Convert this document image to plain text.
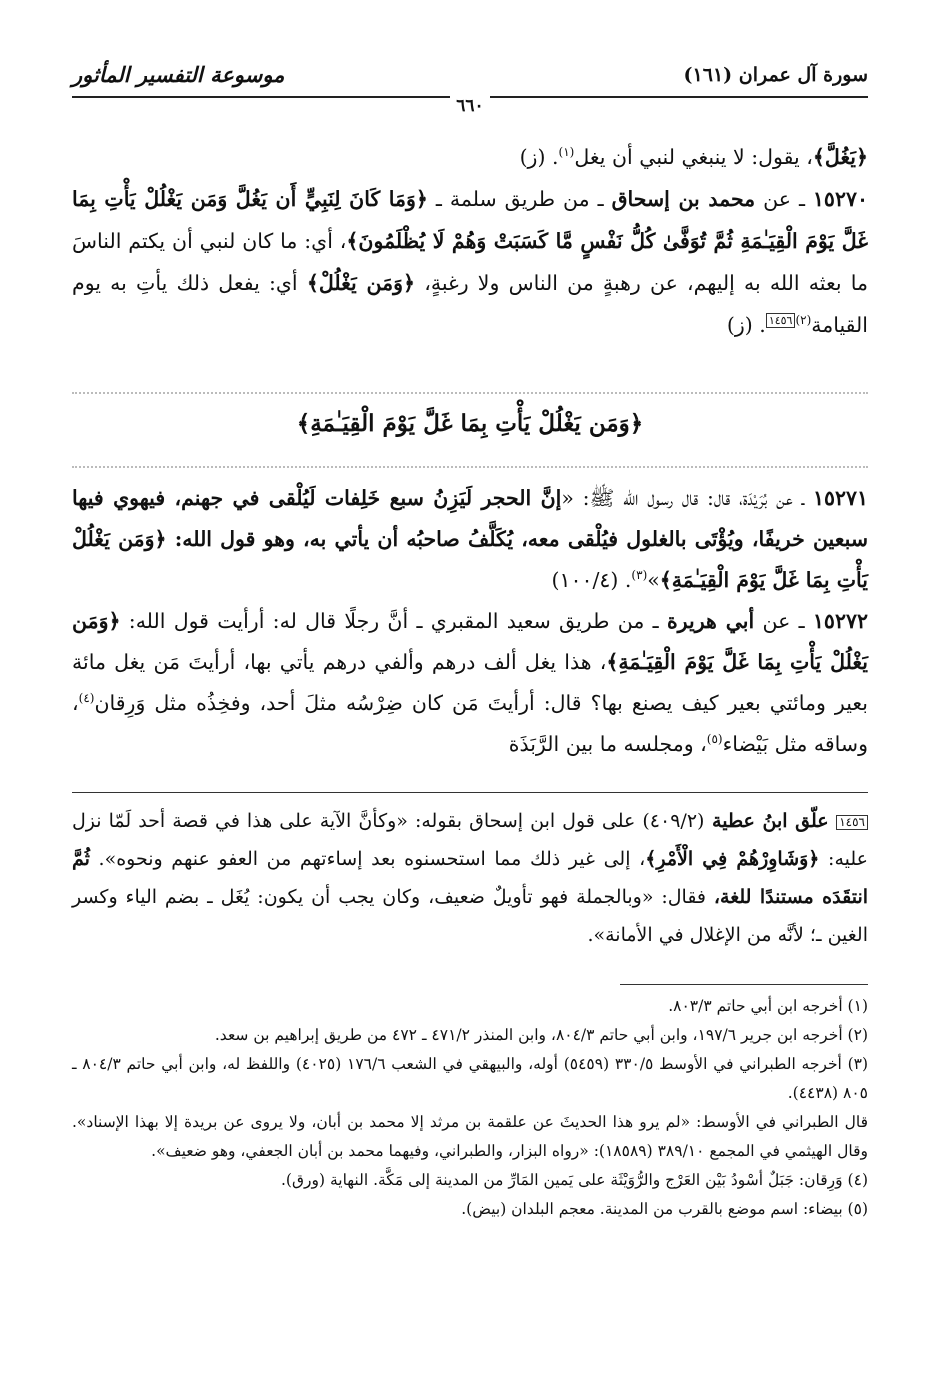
موسوعة التفسير المأثور	سورة آل عمران (١٦١)
٦٦٠

﴿يَغُلَّ﴾، يقول: لا ينبغي لنبي أن يغل$^{(١)}$. (ز)

١٥٢٧٠ ـ عن محمد بن إسحاق ـ من طريق سلمة ـ ﴿وَمَا كَانَ لِنَبِيٍّ أَن يَغُلَّ وَمَن يَغْلُلْ يَأْتِ بِمَا غَلَّ يَوْمَ الْقِيَـٰمَةِ ثُمَّ تُوَفَّىٰ كُلُّ نَفْسٍ مَّا كَسَبَتْ وَهُمْ لَا يُظْلَمُونَ﴾، أي: ما كان لنبي أن يكتم الناسَ ما بعثه الله به إليهم، عن رهبةٍ من الناس ولا رغبةٍ، ﴿وَمَن يَغْلُلْ﴾ أي: يفعل ذلك يأتِ به يوم القيامة$^{(٢)}$١٤٥٦. (ز)

﴿وَمَن يَغْلُلْ يَأْتِ بِمَا غَلَّ يَوْمَ الْقِيَـٰمَةِ﴾

١٥٢٧١ ـ عن بُرَيْدَة، قال: قال رسول الله ﷺ: «إنَّ الحجر لَيَزِنُ سبع خَلِفات لَيُلْقى في جهنم، فيهوي فيها سبعين خريفًا، ويُؤْتَى بالغلول فيُلْقى معه، يُكَلَّفُ صاحبُه أن يأتي به، وهو قول الله: ﴿وَمَن يَغْلُلْ يَأْتِ بِمَا غَلَّ يَوْمَ الْقِيَـٰمَةِ﴾»$^{(٣)}$. (١٠٠/٤)

١٥٢٧٢ ـ عن أبي هريرة ـ من طريق سعيد المقبري ـ أنَّ رجلًا قال له: أرأيت قول الله: ﴿وَمَن يَغْلُلْ يَأْتِ بِمَا غَلَّ يَوْمَ الْقِيَـٰمَةِ﴾، هذا يغل ألف درهم وألفي درهم يأتي بها، أرأيتَ مَن يغل مائة بعير ومائتي بعير كيف يصنع بها؟ قال: أرأيتَ مَن كان ضِرْسُه مثلَ أحد، وفخِذُه مثل وَرِقان$^{(٤)}$، وساقه مثل بَيْضاء$^{(٥)}$، ومجلسه ما بين الرَّبَذَة

١٤٥٦ علّق ابنُ عطية (٤٠٩/٢) على قول ابن إسحاق بقوله: «وكأنَّ الآية على هذا في قصة أحد لَمّا نزل عليه: ﴿وَشَاوِرْهُمْ فِي الْأَمْرِ﴾، إلى غير ذلك مما استحسنوه بعد إساءتهم من العفو عنهم ونحوه». ثُمَّ انتقَدَه مستندًا للغة، فقال: «وبالجملة فهو تأويلٌ ضعيف، وكان يجب أن يكون: يُغَل ـ بضم الياء وكسر الغين ـ؛ لأنَّه من الإغلال في الأمانة».

(١) أخرجه ابن أبي حاتم ٨٠٣/٣.

(٢) أخرجه ابن جرير ١٩٧/٦، وابن أبي حاتم ٨٠٤/٣، وابن المنذر ٤٧١/٢ ـ ٤٧٢ من طريق إبراهيم بن سعد.

(٣) أخرجه الطبراني في الأوسط ٣٣٠/٥ (٥٤٥٩) أوله، والبيهقي في الشعب ١٧٦/٦ (٤٠٢٥) واللفظ له، وابن أبي حاتم ٨٠٤/٣ ـ ٨٠٥ (٤٤٣٨).

قال الطبراني في الأوسط: «لم يرو هذا الحديثَ عن علقمة بن مرثد إلا محمد بن أبان، ولا يروى عن بريدة إلا بهذا الإسناد». وقال الهيثمي في المجمع ٣٨٩/١٠ (١٨٥٨٩): «رواه البزار، والطبراني، وفيهما محمد بن أبان الجعفي، وهو ضعيف».

(٤) وَرِقان: جَبَلٌ أسْودُ بَيْن العَرْج والرُّوَيْثَة على يَمين المَارِّ من المدينة إلى مَكَّة. النهاية (ورق).

(٥) بيضاء: اسم موضع بالقرب من المدينة. معجم البلدان (بيض).
